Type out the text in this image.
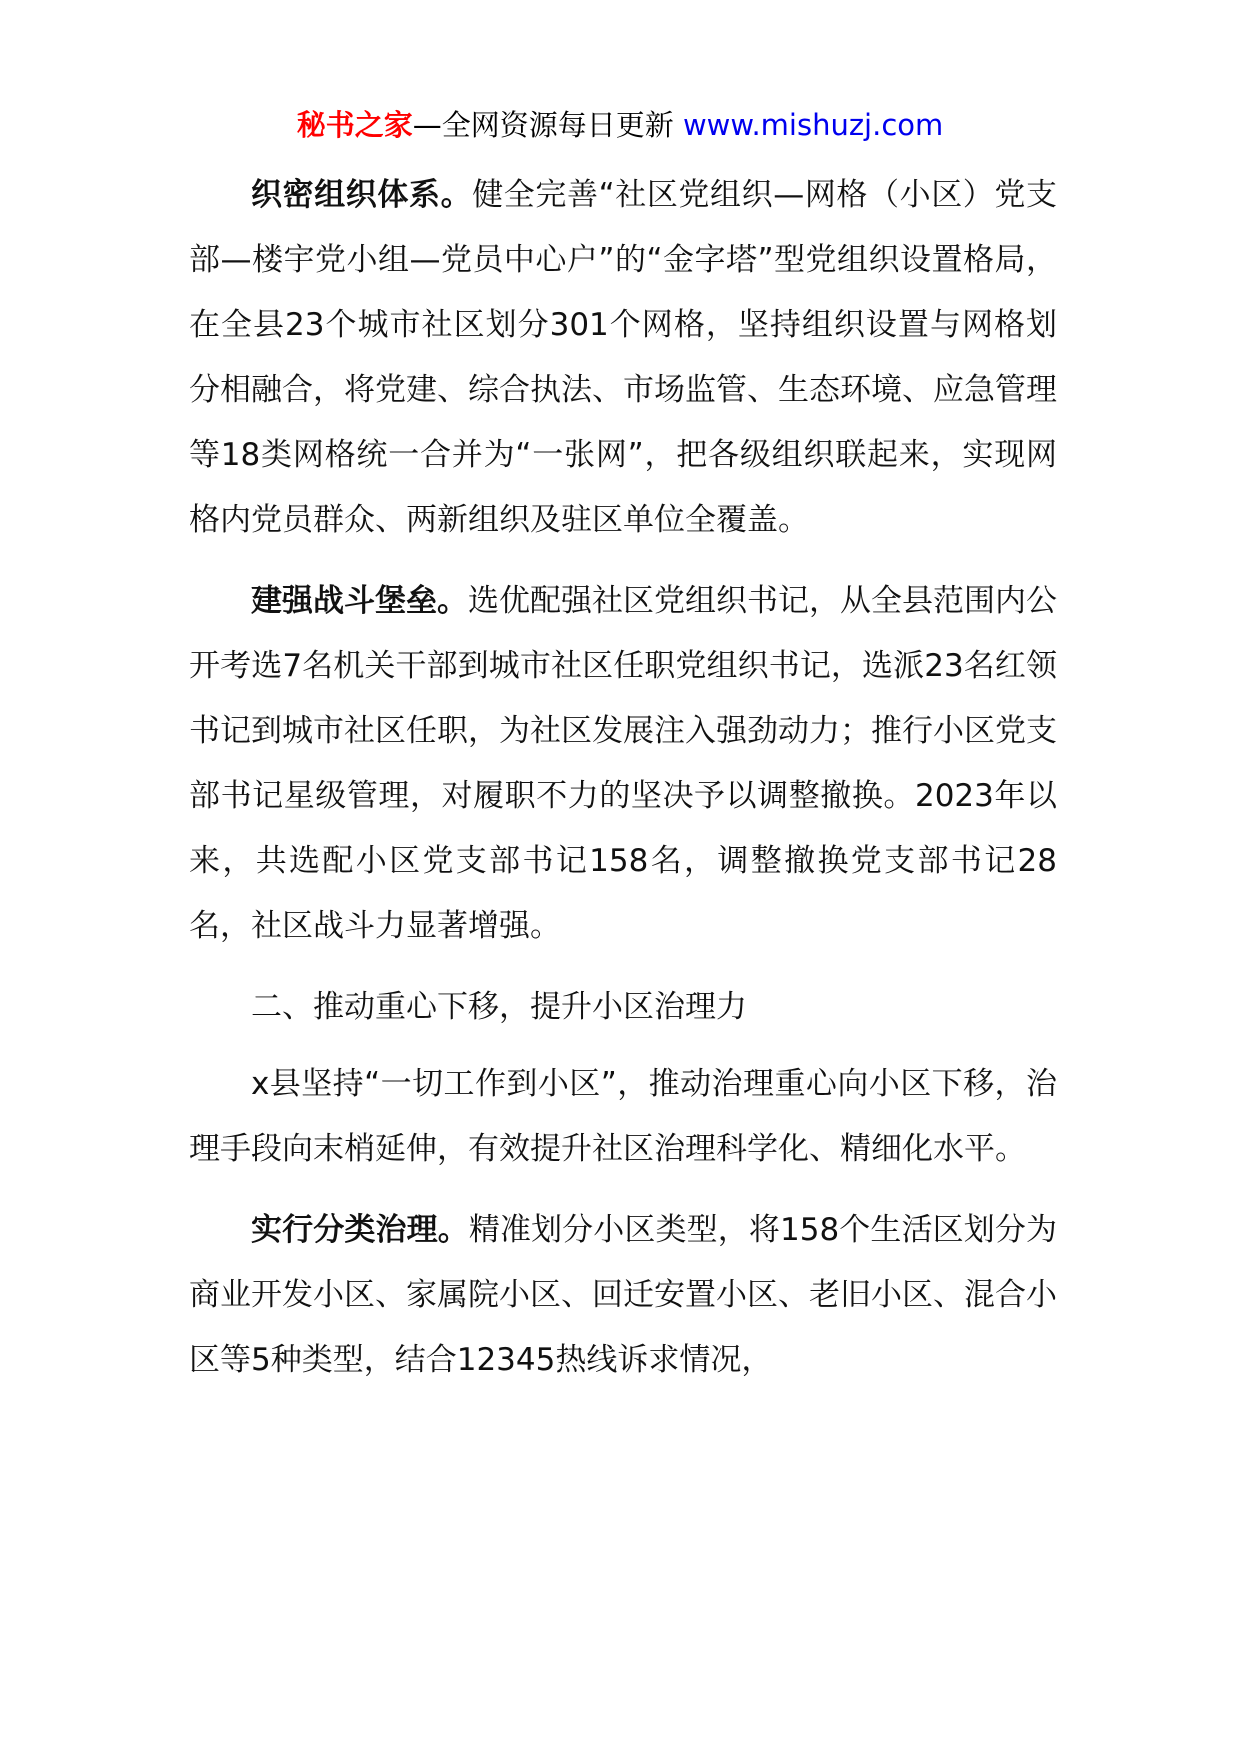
秘书之家—全网资源每日更新 www.mishuzj.com

织密组织体系。健全完善“社区党组织—网格（小区）党支部—楼宇党小组—党员中心户”的“金字塔”型党组织设置格局，在全县23个城市社区划分301个网格，坚持组织设置与网格划分相融合，将党建、综合执法、市场监管、生态环境、应急管理等18类网格统一合并为“一张网”，把各级组织联起来，实现网格内党员群众、两新组织及驻区单位全覆盖。

建强战斗堡垒。选优配强社区党组织书记，从全县范围内公开考选7名机关干部到城市社区任职党组织书记，选派23名红领书记到城市社区任职，为社区发展注入强劲动力；推行小区党支部书记星级管理，对履职不力的坚决予以调整撤换。2023年以来，共选配小区党支部书记158名，调整撤换党支部书记28名，社区战斗力显著增强。

二、推动重心下移，提升小区治理力

x县坚持“一切工作到小区”，推动治理重心向小区下移，治理手段向末梢延伸，有效提升社区治理科学化、精细化水平。

实行分类治理。精准划分小区类型，将158个生活区划分为商业开发小区、家属院小区、回迁安置小区、老旧小区、混合小区等5种类型，结合12345热线诉求情况，
